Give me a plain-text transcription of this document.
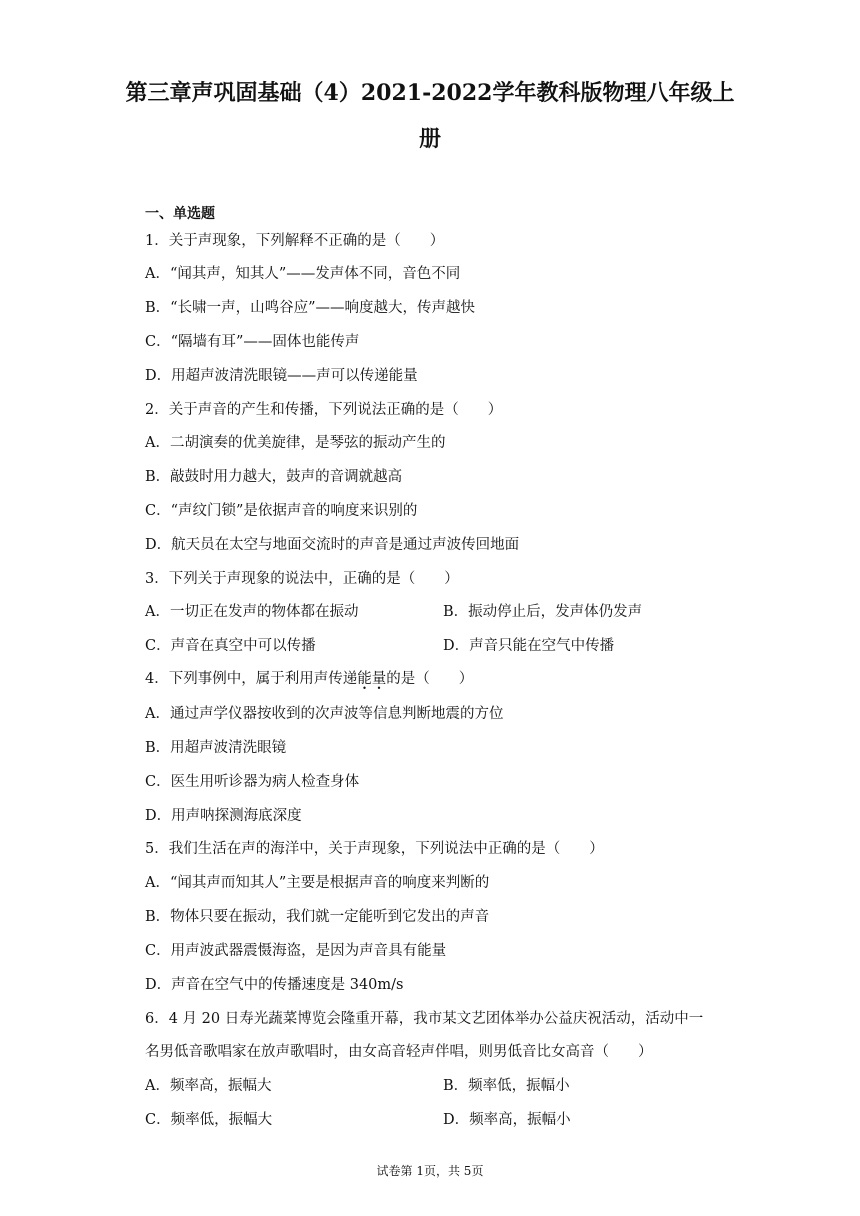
第三章声巩固基础（4）2021-2022学年教科版物理八年级上册
一、单选题
1．关于声现象，下列解释不正确的是（　　）
A．“闻其声，知其人”——发声体不同，音色不同
B．“长啸一声，山鸣谷应”——响度越大，传声越快
C．“隔墙有耳”——固体也能传声
D．用超声波清洗眼镜——声可以传递能量
2．关于声音的产生和传播，下列说法正确的是（　　）
A．二胡演奏的优美旋律，是琴弦的振动产生的
B．敲鼓时用力越大，鼓声的音调就越高
C．“声纹门锁”是依据声音的响度来识别的
D．航天员在太空与地面交流时的声音是通过声波传回地面
3．下列关于声现象的说法中，正确的是（　　）
A．一切正在发声的物体都在振动	B．振动停止后，发声体仍发声
C．声音在真空中可以传播	D．声音只能在空气中传播
4．下列事例中，属于利用声传递能量的是（　　）
A．通过声学仪器按收到的次声波等信息判断地震的方位
B．用超声波清洗眼镜
C．医生用听诊器为病人检查身体
D．用声呐探测海底深度
5．我们生活在声的海洋中，关于声现象，下列说法中正确的是（　　）
A．“闻其声而知其人”主要是根据声音的响度来判断的
B．物体只要在振动，我们就一定能听到它发出的声音
C．用声波武器震慑海盗，是因为声音具有能量
D．声音在空气中的传播速度是 340m/s
6．4 月 20 日寿光蔬菜博览会隆重开幕，我市某文艺团体举办公益庆祝活动，活动中一
名男低音歌唱家在放声歌唱时，由女高音轻声伴唱，则男低音比女高音（　　）
A．频率高，振幅大	B．频率低，振幅小
C．频率低，振幅大	D．频率高，振幅小
试卷第 1页，共 5页
